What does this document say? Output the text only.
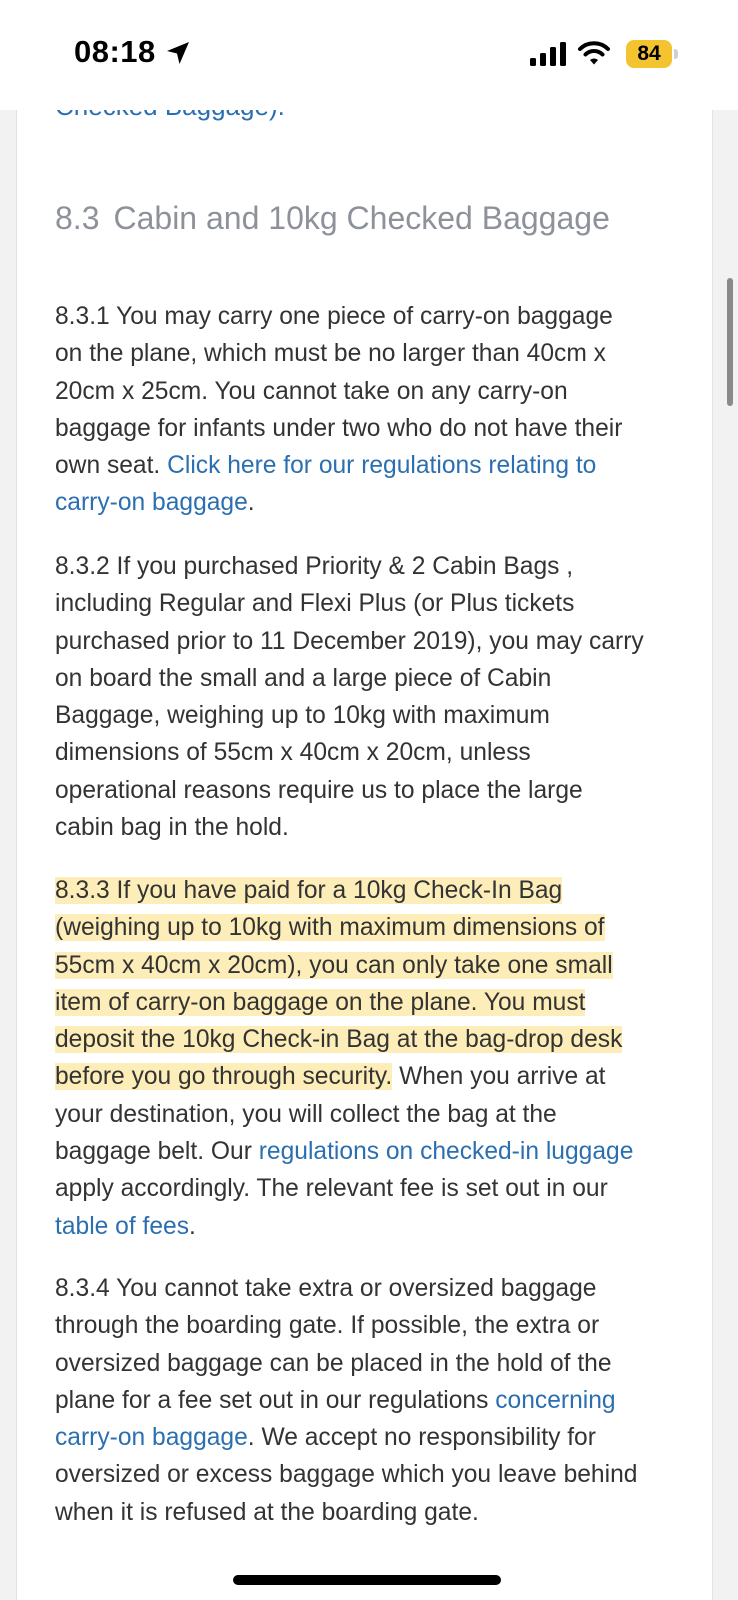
08:18	84

8.3 Cabin and 10kg Checked Baggage

8.3.1 You may carry one piece of carry-on baggage on the plane, which must be no larger than 40cm x 20cm x 25cm. You cannot take on any carry-on baggage for infants under two who do not have their own seat. Click here for our regulations relating to carry-on baggage.

8.3.2 If you purchased Priority & 2 Cabin Bags , including Regular and Flexi Plus (or Plus tickets purchased prior to 11 December 2019), you may carry on board the small and a large piece of Cabin Baggage, weighing up to 10kg with maximum dimensions of 55cm x 40cm x 20cm, unless operational reasons require us to place the large cabin bag in the hold.

8.3.3 If you have paid for a 10kg Check-In Bag (weighing up to 10kg with maximum dimensions of 55cm x 40cm x 20cm), you can only take one small item of carry-on baggage on the plane. You must deposit the 10kg Check-in Bag at the bag-drop desk before you go through security. When you arrive at your destination, you will collect the bag at the baggage belt. Our regulations on checked-in luggage apply accordingly. The relevant fee is set out in our table of fees.

8.3.4 You cannot take extra or oversized baggage through the boarding gate. If possible, the extra or oversized baggage can be placed in the hold of the plane for a fee set out in our regulations concerning carry-on baggage. We accept no responsibility for oversized or excess baggage which you leave behind when it is refused at the boarding gate.
